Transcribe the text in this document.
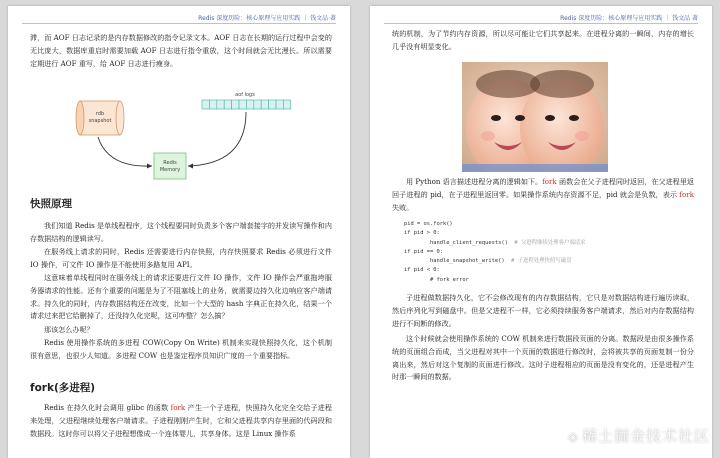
Redis 深度历险：核心原理与应用实践 ｜ 钱文品 著

滞，而 AOF 日志记录的是内存数据修改的指令记录文本。AOF 日志在长期的运行过程中会变的无比庞大，数据库重启时需要加载 AOF 日志进行指令重放，这个时间就会无比漫长。所以需要定期进行 AOF 重写，给 AOF 日志进行瘦身。

rdb snapshot
aof logs
Redis Memory
快照原理

我们知道 Redis 是单线程程序，这个线程要同时负责多个客户端套接字的并发读写操作和内存数据结构的逻辑读写。

在服务线上请求的同时，Redis 还需要进行内存快照，内存快照要求 Redis 必须进行文件 IO 操作，可文件 IO 操作是不能使用多路复用 API。

这意味着单线程同时在服务线上的请求还要进行文件 IO 操作，文件 IO 操作会严重拖垮服务器请求的性能。还有个重要的问题是为了不阻塞线上的业务，就需要边持久化边响应客户端请求。持久化的同时，内存数据结构还在改变，比如一个大型的 hash 字典正在持久化，结果一个请求过来把它给删掉了，还没持久化完呢，这可咋整？怎么搞？

那该怎么办呢？

Redis 使用操作系统的多进程 COW(Copy On Write) 机制来实现快照持久化，这个机制很有意思，也很少人知道。多进程 COW 也是鉴定程序员知识广度的一个重要指标。

fork(多进程)

Redis 在持久化时会调用 glibc 的函数 fork 产生一个子进程，快照持久化完全交给子进程来处理，父进程继续处理客户端请求。子进程刚刚产生时，它和父进程共享内存里面的代码段和数据段。这时你可以将父子进程想像成一个连体婴儿，共享身体。这是 Linux 操作系

Redis 深度历险：核心原理与应用实践 ｜ 钱文品 著

统的机制，为了节约内存资源，所以尽可能让它们共享起来。在进程分离的一瞬间，内存的增长几乎没有明显变化。

用 Python 语言描述进程分离的逻辑如下。fork 函数会在父子进程同时返回，在父进程里返回子进程的 pid，在子进程里返回零。如果操作系统内存资源不足，pid 就会是负数，表示 fork 失败。

pid = os.fork()
if pid > 0:
handle_client_requests()  # 父进程继续处理客户端请求
if pid == 0:
handle_snapshot_write()  # 子进程处理快照写磁盘
if pid < 0:
# fork error

子进程做数据持久化，它不会修改现有的内存数据结构，它只是对数据结构进行遍历读取，然后序列化写到磁盘中。但是父进程不一样，它必须持续服务客户端请求，然后对内存数据结构进行不间断的修改。

这个时候就会使用操作系统的 COW 机制来进行数据段页面的分离。数据段是由很多操作系统的页面组合而成，当父进程对其中一个页面的数据进行修改时，会将被共享的页面复制一份分离出来，然后对这个复制的页面进行修改。这时子进程相应的页面是没有变化的，还是进程产生时那一瞬间的数据。

◈ 稀土掘金技术社区
